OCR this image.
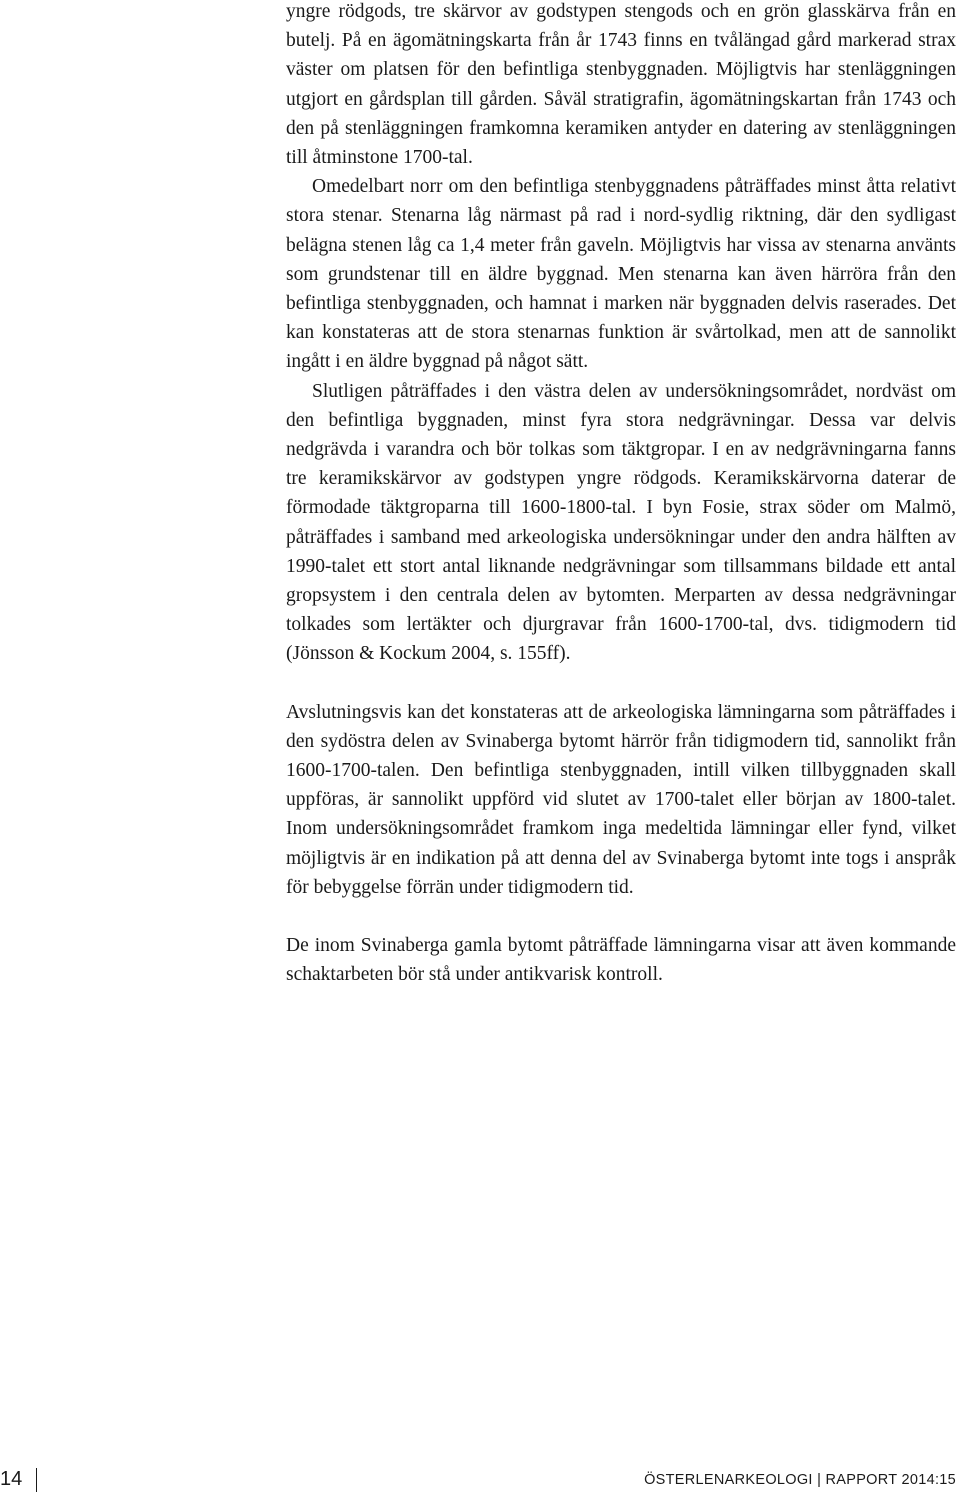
yngre rödgods, tre skärvor av godstypen stengods och en grön glasskärva från en butelj. På en ägomätningskarta från år 1743 finns en tvålängad gård markerad strax väster om platsen för den befintliga stenbyggnaden. Möjligtvis har stenläggningen utgjort en gårdsplan till gården. Såväl stratigrafin, ägomätningskartan från 1743 och den på stenläggningen framkomna keramiken antyder en datering av stenläggningen till åtminstone 1700-tal.

Omedelbart norr om den befintliga stenbyggnadens påträffades minst åtta relativt stora stenar. Stenarna låg närmast på rad i nord-sydlig riktning, där den sydligast belägna stenen låg ca 1,4 meter från gaveln. Möjligtvis har vissa av stenarna använts som grundstenar till en äldre byggnad. Men stenarna kan även härröra från den befintliga stenbyggnaden, och hamnat i marken när byggnaden delvis raserades. Det kan konstateras att de stora stenarnas funktion är svårtolkad, men att de sannolikt ingått i en äldre byggnad på något sätt.

Slutligen påträffades i den västra delen av undersökningsområdet, nordväst om den befintliga byggnaden, minst fyra stora nedgrävningar. Dessa var delvis nedgrävda i varandra och bör tolkas som täktgropar. I en av nedgrävningarna fanns tre keramikskärvor av godstypen yngre rödgods. Keramikskärvorna daterar de förmodade täktgroparna till 1600-1800-tal. I byn Fosie, strax söder om Malmö, påträffades i samband med arkeologiska undersökningar under den andra hälften av 1990-talet ett stort antal liknande nedgrävningar som tillsammans bildade ett antal gropsystem i den centrala delen av bytomten. Merparten av dessa nedgrävningar tolkades som lertäkter och djurgravar från 1600-1700-tal, dvs. tidigmodern tid (Jönsson & Kockum 2004, s. 155ff).

Avslutningsvis kan det konstateras att de arkeologiska lämningarna som påträffades i den sydöstra delen av Svinaberga bytomt härrör från tidigmodern tid, sannolikt från 1600-1700-talen. Den befintliga stenbyggnaden, intill vilken tillbyggnaden skall uppföras, är sannolikt uppförd vid slutet av 1700-talet eller början av 1800-talet. Inom undersökningsområdet framkom inga medeltida lämningar eller fynd, vilket möjligtvis är en indikation på att denna del av Svinaberga bytomt inte togs i anspråk för bebyggelse förrän under tidigmodern tid.

De inom Svinaberga gamla bytomt påträffade lämningarna visar att även kommande schaktarbeten bör stå under antikvarisk kontroll.

14	ÖSTERLENARKEOLOGI | RAPPORT 2014:15
